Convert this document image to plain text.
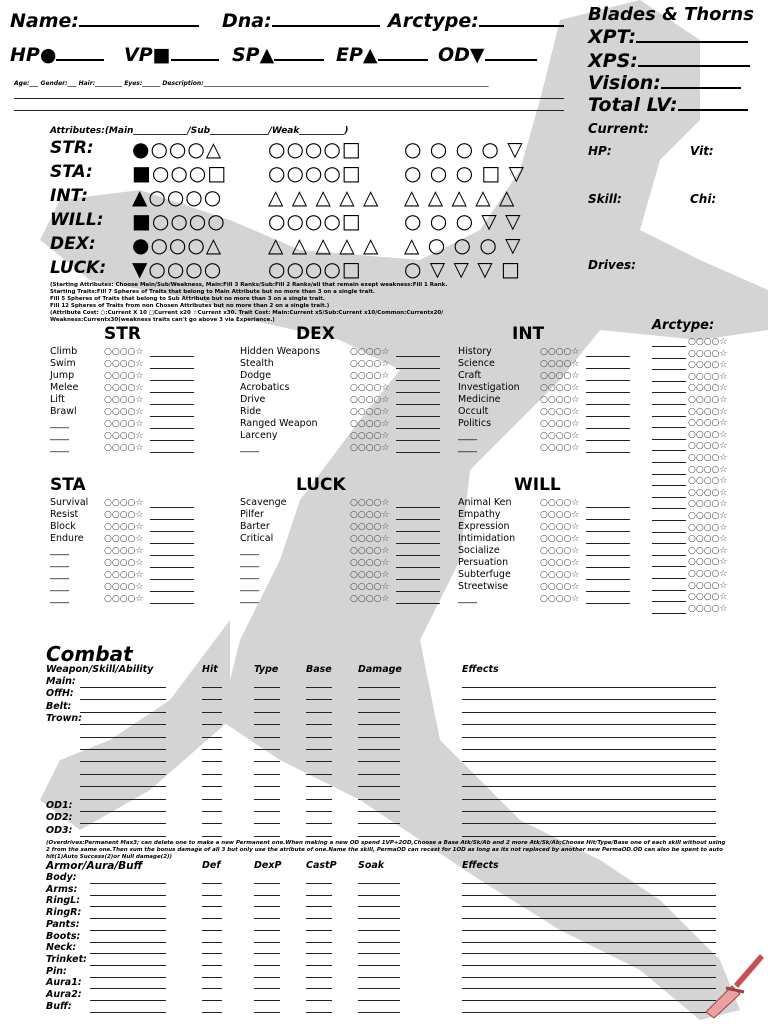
Name:	Dna:	Arctype:
HP●	VP■	SP▲	EP▲	OD▼
Age:___ Gender:___ Hair:_________ Eyes:______ Description:_______________________________________________________________________________________________
Blades & Thorns
XPT:
XPS:
Vision:
Total LV:
Current:
HP:	Vit:
Skill:	Chi:
Drives:
Attributes:(Main____________/Sub_____________/Weak__________)
STR: ●○○○△ ○○○○□ ○ ○ ○ ○ ▽
STA: ■○○○□ ○○○○□ ○ ○ ○ □ ▽
INT: ▲○○○○ △ △ △ △ △ △ △ △ △ △
WILL: ■○○○○ ○○○○□ ○ ○ ○ ▽ ▽
DEX: ●○○○△ △ △ △ △ △ △ ○ ○ ○ ▽
LUCK: ▼○○○○ ○○○○□ ○ ▽ ▽ ▽ □
(Starting Attributes: Choose Main/Sub/Weakness, Main:Fill 3 Ranks/Sub:Fill 2 Ranks/all that remain exept weakness:Fill 1 Rank.
Starting Traits:Fill 7 Spheres of Traits that belong to Main Attribute but no more than 3 on a single trait.
Fill 5 Spheres of Traits that belong to Sub Attribute but no more than 3 on a single trait.
Fill 12 Spheres of Traits from non Chosen Attributes but no more than 2 on a single trait.)
(Attribute Cost: ○:Current X 10 □Current x20 ☆Current x30. Trait Cost: Main:Current x5/Sub:Current x10/Common:Currentx20/
Weakness:Currentx30(weakness traits can't go above 3 via Experiance.)
STR
Climb	○○○○☆
Swim	○○○○☆
Jump	○○○○☆
Melee	○○○○☆
Lift	○○○○☆
Brawl	○○○○☆
____	○○○○☆
____	○○○○☆
____	○○○○☆
DEX
Hidden Weapons	○○○○☆
Stealth	○○○○☆
Dodge	○○○○☆
Acrobatics	○○○○☆
Drive	○○○○☆
Ride	○○○○☆
Ranged Weapon	○○○○☆
Larceny	○○○○☆
____	○○○○☆
INT
History	○○○○☆
Science	○○○○☆
Craft	○○○○☆
Investigation ○○○○☆
Medicine	○○○○☆
Occult	○○○○☆
Politics	○○○○☆
____	○○○○☆
____	○○○○☆
STA
Survival ○○○○☆
Resist	○○○○☆
Block	○○○○☆
Endure ○○○○☆
____	○○○○☆
____	○○○○☆
____	○○○○☆
____	○○○○☆
____	○○○○☆
LUCK
Scavenge	○○○○☆
Pilfer	○○○○☆
Barter	○○○○☆
Critical	○○○○☆
____	○○○○☆
____	○○○○☆
____	○○○○☆
____	○○○○☆
____	○○○○☆
WILL
Animal Ken	○○○○☆
Empathy	○○○○☆
Expression	○○○○☆
Intimidation	○○○○☆
Socialize	○○○○☆
Persuation	○○○○☆
Subterfuge	○○○○☆
Streetwise	○○○○☆
____	○○○○☆
Arctype:
○○○○☆
○○○○☆
○○○○☆
○○○○☆
○○○○☆
○○○○☆
○○○○☆
○○○○☆
○○○○☆
○○○○☆
○○○○☆
○○○○☆
○○○○☆
○○○○☆
○○○○☆
○○○○☆
○○○○☆
○○○○☆
○○○○☆
○○○○☆
○○○○☆
○○○○☆
○○○○☆
○○○○☆
Combat
Weapon/Skill/Ability	Hit	Type	Base	Damage	Effects
Main:
OffH:
Belt:
Trown:
OD1:
OD2:
OD3:
(Overdrives:Permanent Max3; can delete one to make a new Permanent one.When making a new OD spend 1VP+2OD,Choose a Base Atk/Sk/Ab and 2 more Atk/Sk/Ab;Choose Hit/Type/Base one of each skill without using 2 from the same one.Then sum the bonus damage of all 3 but only use the atribute of one.Name the skill, PermaOD can recast for 1OD as long as its not replaced by another new PermaOD.OD can also be spent to auto hit(1)Auto Success(2)or Null damage(2))
Armor/Aura/Buff	Def	DexP	CastP Soak	Effects
Body:
Arms:
RingL:
RingR:
Pants:
Boots:
Neck:
Trinket:
Pin:
Aura1:
Aura2:
Buff:
